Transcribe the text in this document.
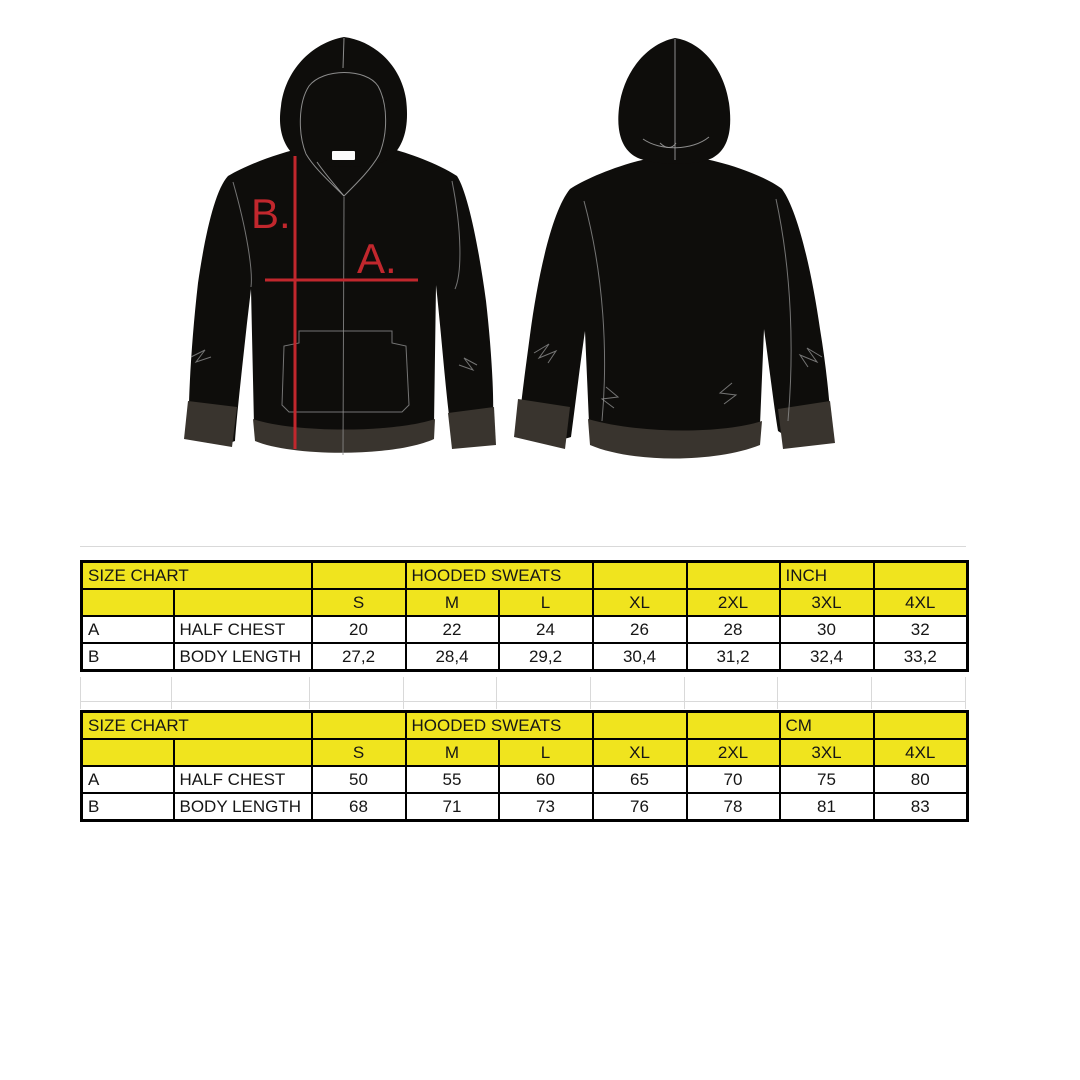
B.
A.
SIZE CHART			HOODED SWEATS				INCH	
		S	M	L	XL	2XL	3XL	4XL
A	HALF CHEST	20	22	24	26	28	30	32
B	BODY LENGTH	27,2	28,4	29,2	30,4	31,2	32,4	33,2
SIZE CHART			HOODED SWEATS				CM	
		S	M	L	XL	2XL	3XL	4XL
A	HALF CHEST	50	55	60	65	70	75	80
B	BODY LENGTH	68	71	73	76	78	81	83
